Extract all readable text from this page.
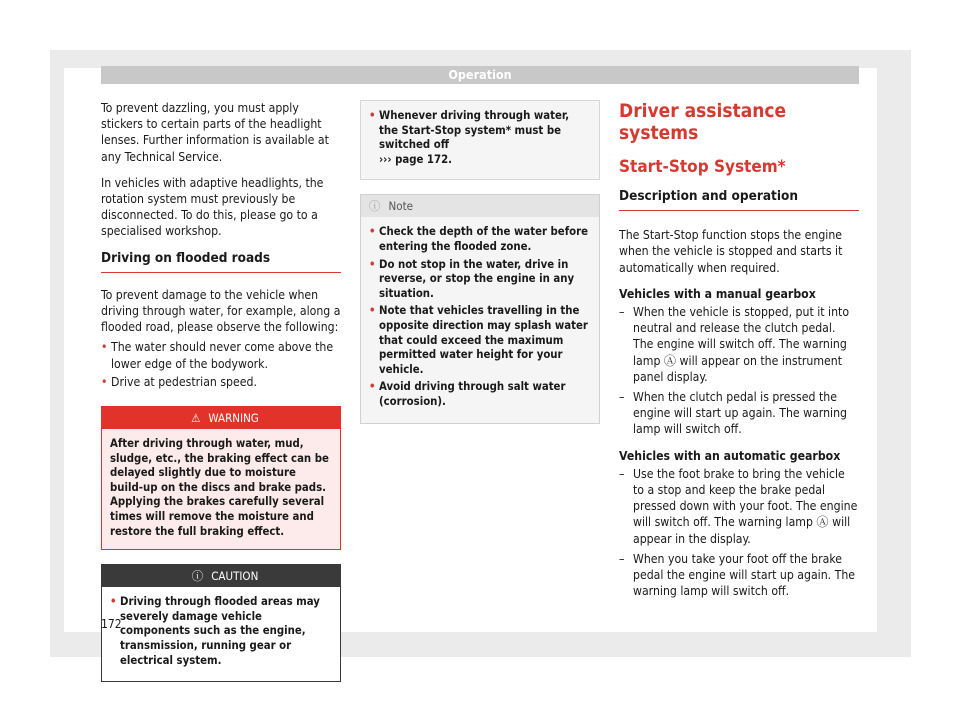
Operation

To prevent dazzling, you must apply stickers to certain parts of the headlight lenses. Further information is available at any Technical Service.

In vehicles with adaptive headlights, the rotation system must previously be disconnected. To do this, please go to a specialised workshop.

Driving on flooded roads

To prevent damage to the vehicle when driving through water, for example, along a flooded road, please observe the following:

• The water should never come above the lower edge of the bodywork.
• Drive at pedestrian speed.
⚠ WARNING
After driving through water, mud, sludge, etc., the braking effect can be delayed slightly due to moisture build-up on the discs and brake pads. Applying the brakes carefully several times will remove the moisture and restore the full braking effect.
ⓘ CAUTION
• Driving through flooded areas may severely damage vehicle components such as the engine, transmission, running gear or electrical system.
• Whenever driving through water, the Start-Stop system* must be switched off
››› page 172.
ⓘ Note
• Check the depth of the water before entering the flooded zone.
• Do not stop in the water, drive in reverse, or stop the engine in any situation.
• Note that vehicles travelling in the opposite direction may splash water that could exceed the maximum permitted water height for your vehicle.
• Avoid driving through salt water (corrosion).
Driver assistance systems
Start-Stop System*
Description and operation

The Start-Stop function stops the engine when the vehicle is stopped and starts it automatically when required.

Vehicles with a manual gearbox
– When the vehicle is stopped, put it into neutral and release the clutch pedal. The engine will switch off. The warning lamp Ⓐ will appear on the instrument panel display.
– When the clutch pedal is pressed the engine will start up again. The warning lamp will switch off.
Vehicles with an automatic gearbox
– Use the foot brake to bring the vehicle to a stop and keep the brake pedal pressed down with your foot. The engine will switch off. The warning lamp Ⓐ will appear in the display.
– When you take your foot off the brake pedal the engine will start up again. The warning lamp will switch off.
172
